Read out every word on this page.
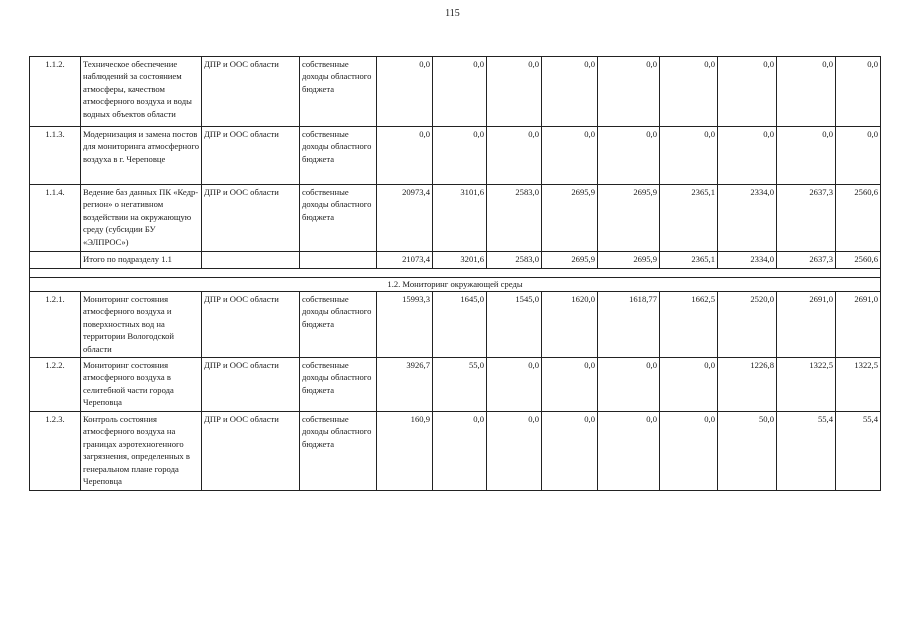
115
1.1.2.	Техническое обеспечение наблюдений за состоянием атмосферы, качеством атмосферного воздуха и воды водных объектов области	ДПР и ООС области	собственные доходы областного бюджета	0,0	0,0	0,0	0,0	0,0	0,0	0,0	0,0	0,0
1.1.3.	Модернизация и замена постов для мониторинга атмосферного воздуха в г. Череповце	ДПР и ООС области	собственные доходы областного бюджета	0,0	0,0	0,0	0,0	0,0	0,0	0,0	0,0	0,0
1.1.4.	Ведение баз данных ПК «Кедр-регион» о негативном воздействии на окружающую среду (субсидии БУ «ЭЛПРОС»)	ДПР и ООС области	собственные доходы областного бюджета	20973,4	3101,6	2583,0	2695,9	2695,9	2365,1	2334,0	2637,3	2560,6
	Итого по подразделу 1.1			21073,4	3201,6	2583,0	2695,9	2695,9	2365,1	2334,0	2637,3	2560,6

1.2. Мониторинг окружающей среды												
1.2.1.	Мониторинг состояния атмосферного воздуха и поверхностных вод на территории Вологодской области	ДПР и ООС области	собственные доходы областного бюджета	15993,3	1645,0	1545,0	1620,0	1618,77	1662,5	2520,0	2691,0	2691,0
1.2.2.	Мониторинг состояния атмосферного воздуха в селитебной части города Череповца	ДПР и ООС области	собственные доходы областного бюджета	3926,7	55,0	0,0	0,0	0,0	0,0	1226,8	1322,5	1322,5
1.2.3.	Контроль состояния атмосферного воздуха на границах аэротехногенного загрязнения, определенных в генеральном плане города Череповца	ДПР и ООС области	собственные доходы областного бюджета	160,9	0,0	0,0	0,0	0,0	0,0	50,0	55,4	55,4
